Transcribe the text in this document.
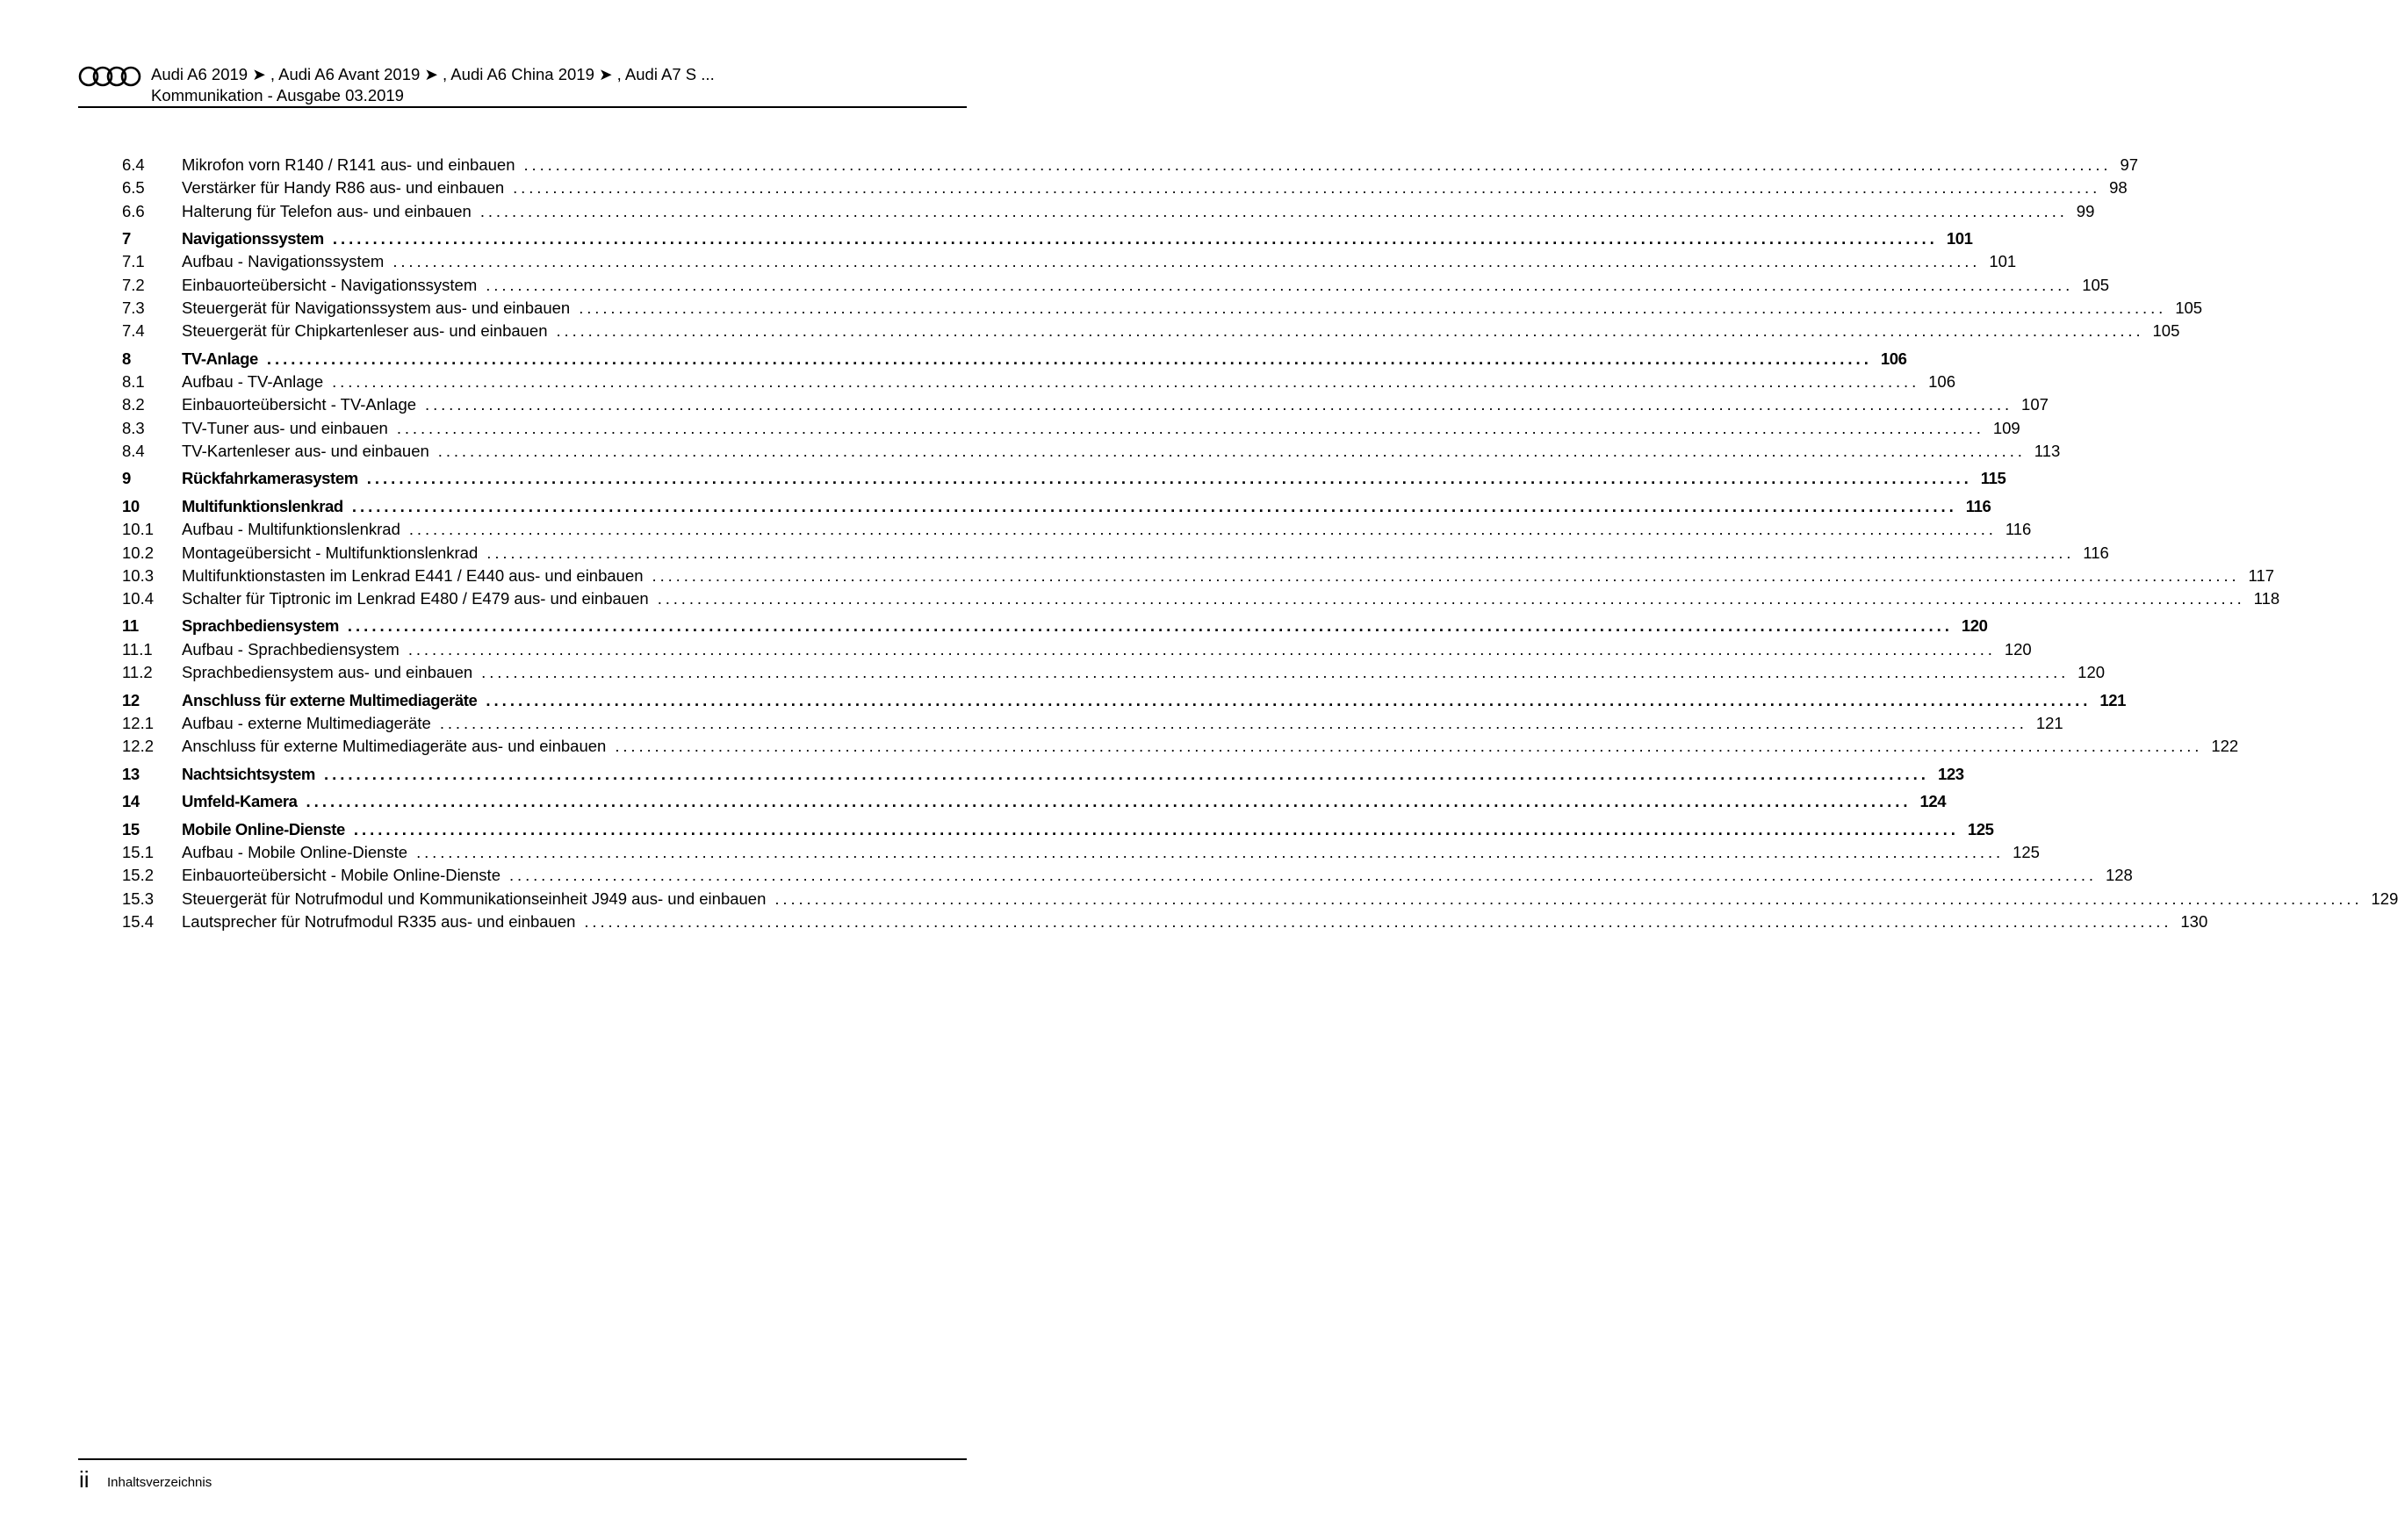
Audi A6 2019 ➤ , Audi A6 Avant 2019 ➤ , Audi A6 China 2019 ➤ , Audi A7 S ...
Kommunikation - Ausgabe 03.2019
6.4 Mikrofon vorn R140 / R141 aus- und einbauen ........................................................................................................................................................................................................ 97
6.5 Verstärker für Handy R86 aus- und einbauen ........................................................................................................................................................................................................ 98
6.6 Halterung für Telefon aus- und einbauen ........................................................................................................................................................................................................ 99
7	Navigationssystem ........................................................................................................................................................................................................ 101
7.1 Aufbau - Navigationssystem ........................................................................................................................................................................................................ 101
7.2 Einbauorteübersicht - Navigationssystem ........................................................................................................................................................................................................ 105
7.3 Steuergerät für Navigationssystem aus- und einbauen ........................................................................................................................................................................................................ 105
7.4 Steuergerät für Chipkartenleser aus- und einbauen ........................................................................................................................................................................................................ 105
8	TV-Anlage ........................................................................................................................................................................................................ 106
8.1 Aufbau - TV-Anlage ........................................................................................................................................................................................................ 106
8.2 Einbauorteübersicht - TV-Anlage ........................................................................................................................................................................................................ 107
8.3 TV-Tuner aus- und einbauen ........................................................................................................................................................................................................ 109
8.4 TV-Kartenleser aus- und einbauen ........................................................................................................................................................................................................ 113
9	Rückfahrkamerasystem ........................................................................................................................................................................................................ 115
10	Multifunktionslenkrad ........................................................................................................................................................................................................ 116
10.1 Aufbau - Multifunktionslenkrad ........................................................................................................................................................................................................ 116
10.2 Montageübersicht - Multifunktionslenkrad ........................................................................................................................................................................................................ 116
10.3 Multifunktionstasten im Lenkrad E441 / E440 aus- und einbauen ........................................................................................................................................................................................................ 117
10.4 Schalter für Tiptronic im Lenkrad E480 / E479 aus- und einbauen ........................................................................................................................................................................................................ 118
11	Sprachbediensystem ........................................................................................................................................................................................................ 120
11.1 Aufbau - Sprachbediensystem ........................................................................................................................................................................................................ 120
11.2 Sprachbediensystem aus- und einbauen ........................................................................................................................................................................................................ 120
12	Anschluss für externe Multimediageräte ........................................................................................................................................................................................................ 121
12.1 Aufbau - externe Multimediageräte ........................................................................................................................................................................................................ 121
12.2 Anschluss für externe Multimediageräte aus- und einbauen ........................................................................................................................................................................................................ 122
13	Nachtsichtsystem ........................................................................................................................................................................................................ 123
14	Umfeld-Kamera ........................................................................................................................................................................................................ 124
15	Mobile Online-Dienste ........................................................................................................................................................................................................ 125
15.1 Aufbau - Mobile Online-Dienste ........................................................................................................................................................................................................ 125
15.2 Einbauorteübersicht - Mobile Online-Dienste ........................................................................................................................................................................................................ 128
15.3 Steuergerät für Notrufmodul und Kommunikationseinheit J949 aus- und einbauen ........................................................................................................................................................................................................ 129
15.4 Lautsprecher für Notrufmodul R335 aus- und einbauen ........................................................................................................................................................................................................ 130
ii Inhaltsverzeichnis
